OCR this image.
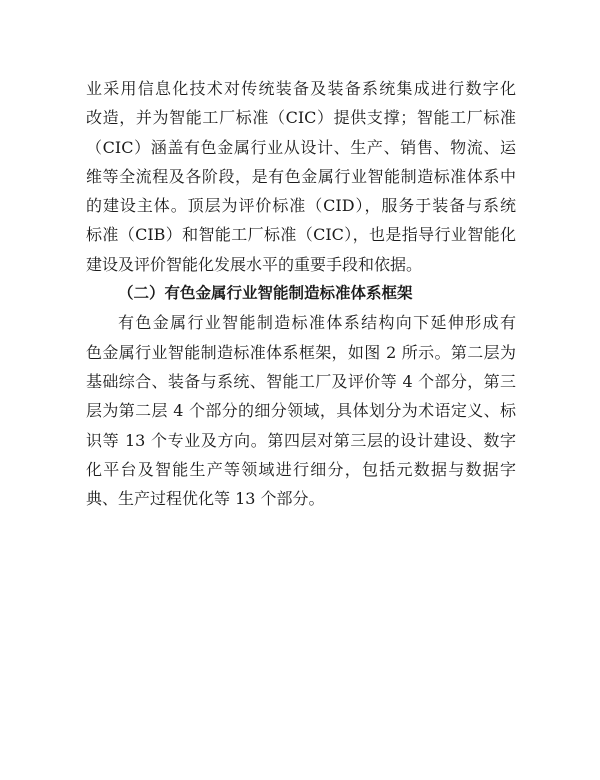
业采用信息化技术对传统装备及装备系统集成进行数字化
改造，并为智能工厂标准（CIC）提供支撑；智能工厂标准
（CIC）涵盖有色金属行业从设计、生产、销售、物流、运
维等全流程及各阶段，是有色金属行业智能制造标准体系中
的建设主体。顶层为评价标准（CID），服务于装备与系统
标准（CIB）和智能工厂标准（CIC），也是指导行业智能化
建设及评价智能化发展水平的重要手段和依据。
（二）有色金属行业智能制造标准体系框架
有色金属行业智能制造标准体系结构向下延伸形成有
色金属行业智能制造标准体系框架，如图 2 所示。第二层为
基础综合、装备与系统、智能工厂及评价等 4 个部分，第三
层为第二层 4 个部分的细分领域，具体划分为术语定义、标
识等 13 个专业及方向。第四层对第三层的设计建设、数字
化平台及智能生产等领域进行细分，包括元数据与数据字
典、生产过程优化等 13 个部分。
